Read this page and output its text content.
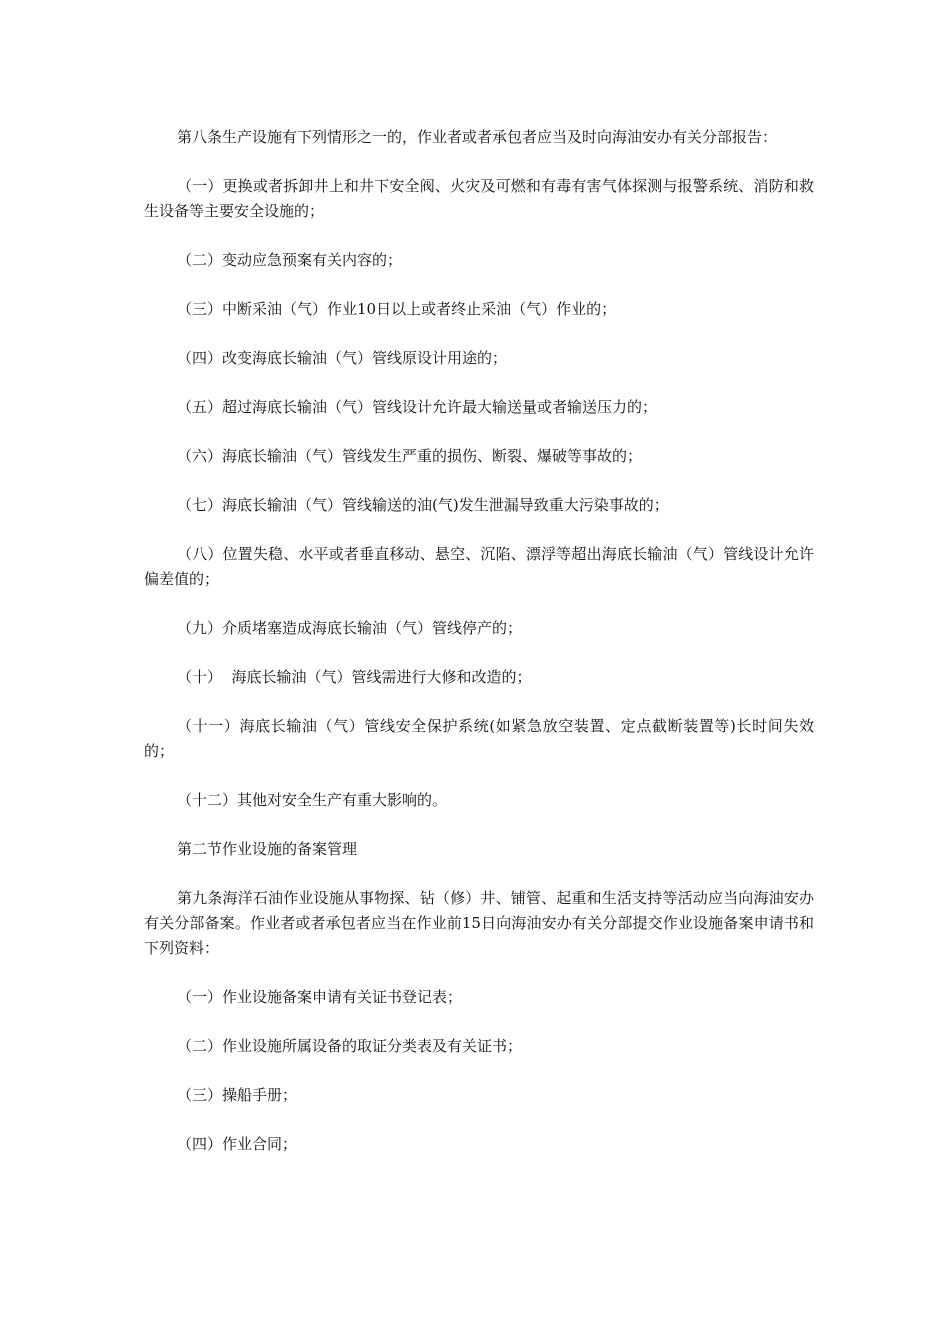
第八条生产设施有下列情形之一的，作业者或者承包者应当及时向海油安办有关分部报告：

（一）更换或者拆卸井上和井下安全阀、火灾及可燃和有毒有害气体探测与报警系统、消防和救生设备等主要安全设施的；

（二）变动应急预案有关内容的；

（三）中断采油（气）作业10日以上或者终止采油（气）作业的；

（四）改变海底长输油（气）管线原设计用途的；

（五）超过海底长输油（气）管线设计允许最大输送量或者输送压力的；

（六）海底长输油（气）管线发生严重的损伤、断裂、爆破等事故的；

（七）海底长输油（气）管线输送的油(气)发生泄漏导致重大污染事故的；

（八）位置失稳、水平或者垂直移动、悬空、沉陷、漂浮等超出海底长输油（气）管线设计允许偏差值的；

（九）介质堵塞造成海底长输油（气）管线停产的；

（十）  海底长输油（气）管线需进行大修和改造的；

（十一）海底长输油（气）管线安全保护系统(如紧急放空装置、定点截断装置等)长时间失效的；

（十二）其他对安全生产有重大影响的。

第二节作业设施的备案管理

第九条海洋石油作业设施从事物探、钻（修）井、铺管、起重和生活支持等活动应当向海油安办有关分部备案。作业者或者承包者应当在作业前15日向海油安办有关分部提交作业设施备案申请书和下列资料：

（一）作业设施备案申请有关证书登记表；

（二）作业设施所属设备的取证分类表及有关证书；

（三）操船手册；

（四）作业合同；
